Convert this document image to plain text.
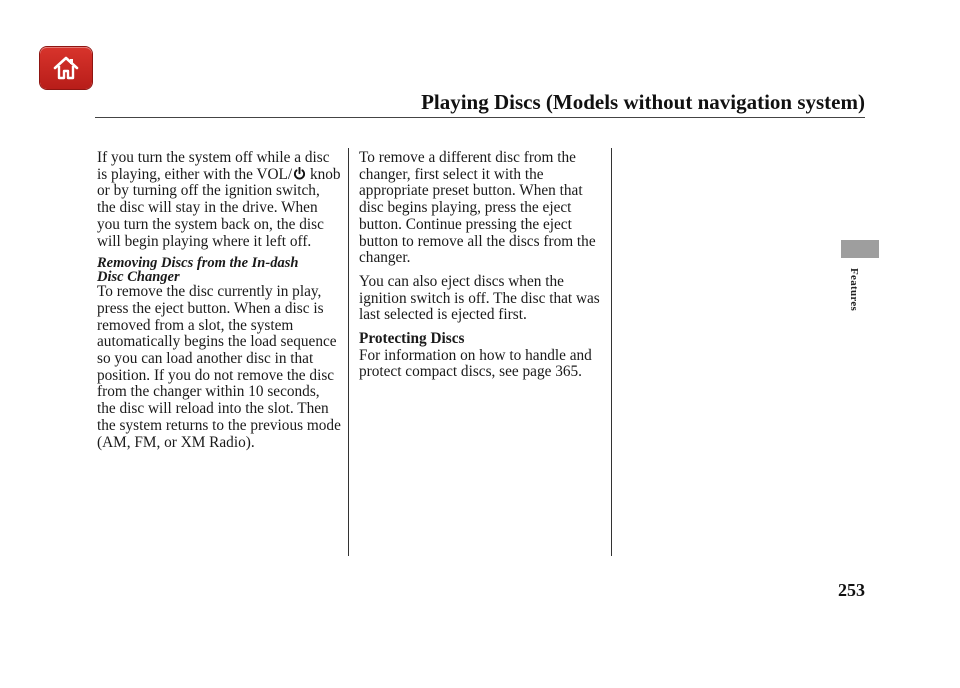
Playing Discs (Models without navigation system)

If you turn the system off while a disc is playing, either with the VOL/ knob or by turning off the ignition switch, the disc will stay in the drive. When you turn the system back on, the disc will begin playing where it left off.

Removing Discs from the In-dash
Disc Changer

To remove the disc currently in play, press the eject button. When a disc is removed from a slot, the system automatically begins the load sequence so you can load another disc in that position. If you do not remove the disc from the changer within 10 seconds, the disc will reload into the slot. Then the system returns to the previous mode (AM, FM, or XM Radio).

To remove a different disc from the changer, first select it with the appropriate preset button. When that disc begins playing, press the eject button. Continue pressing the eject button to remove all the discs from the changer.

You can also eject discs when the ignition switch is off. The disc that was last selected is ejected first.

Protecting Discs

For information on how to handle and protect compact discs, see page 365.

Features
253
